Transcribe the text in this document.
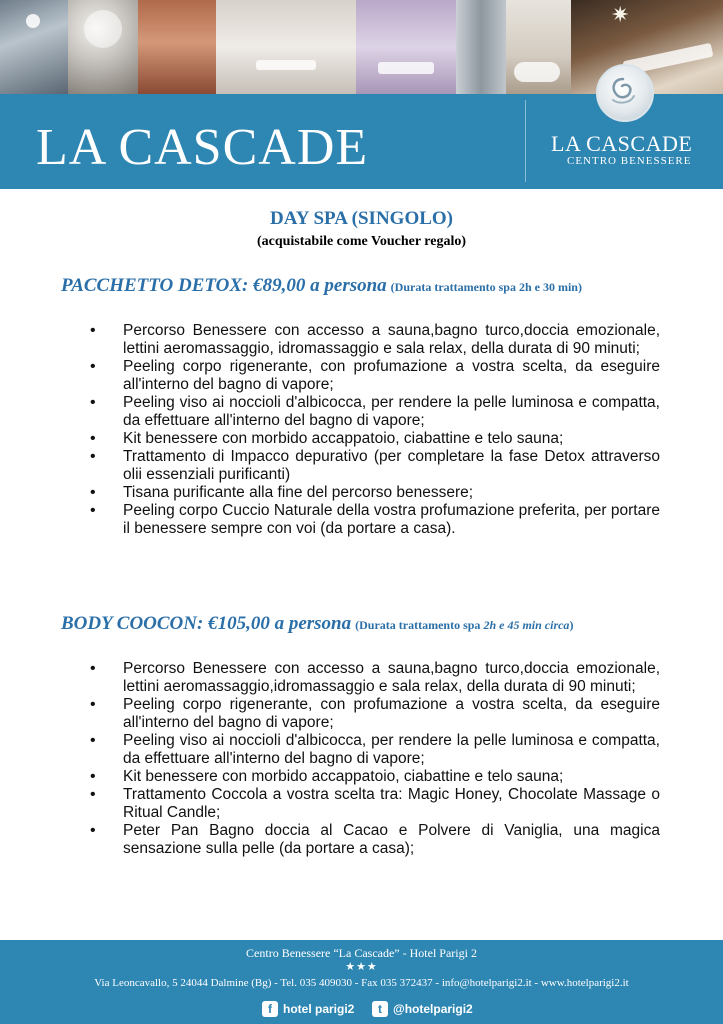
✷
LA CASCADE	LA CASCADE
CENTRO BENESSERE
DAY SPA (SINGOLO)
(acquistabile come Voucher regalo)
PACCHETTO DETOX: €89,00 a persona (Durata trattamento spa 2h e 30 min)
• Percorso Benessere con accesso a sauna,bagno turco,doccia emozionale, lettini aeromassaggio, idromassaggio e sala relax, della durata di 90 minuti;
• Peeling corpo rigenerante, con profumazione a vostra scelta, da eseguire all'interno del bagno di vapore;
• Peeling viso ai noccioli d'albicocca, per rendere la pelle luminosa e compatta, da effettuare all'interno del bagno di vapore;
• Kit benessere con morbido accappatoio, ciabattine e telo sauna;
• Trattamento di Impacco depurativo (per completare la fase Detox attraverso olii essenziali purificanti)
• Tisana purificante alla fine del percorso benessere;
• Peeling corpo Cuccio Naturale della vostra profumazione preferita, per portare il benessere sempre con voi (da portare a casa).
BODY COOCON: €105,00 a persona (Durata trattamento spa 2h e 45 min circa)
• Percorso Benessere con accesso a sauna,bagno turco,doccia emozionale, lettini aeromassaggio,idromassaggio e sala relax, della durata di 90 minuti;
• Peeling corpo rigenerante, con profumazione a vostra scelta, da eseguire all'interno del bagno di vapore;
• Peeling viso ai noccioli d'albicocca, per rendere la pelle luminosa e compatta, da effettuare all'interno del bagno di vapore;
• Kit benessere con morbido accappatoio, ciabattine e telo sauna;
• Trattamento Coccola a vostra scelta tra: Magic Honey, Chocolate Massage o Ritual Candle;
• Peter Pan Bagno doccia al Cacao e Polvere di Vaniglia, una magica sensazione sulla pelle (da portare a casa);
Centro Benessere “La Cascade” - Hotel Parigi 2
★★★
Via Leoncavallo, 5 24044 Dalmine (Bg) - Tel. 035 409030 - Fax 035 372437 - info@hotelparigi2.it - www.hotelparigi2.it
f hotel parigi2	t @hotelparigi2
